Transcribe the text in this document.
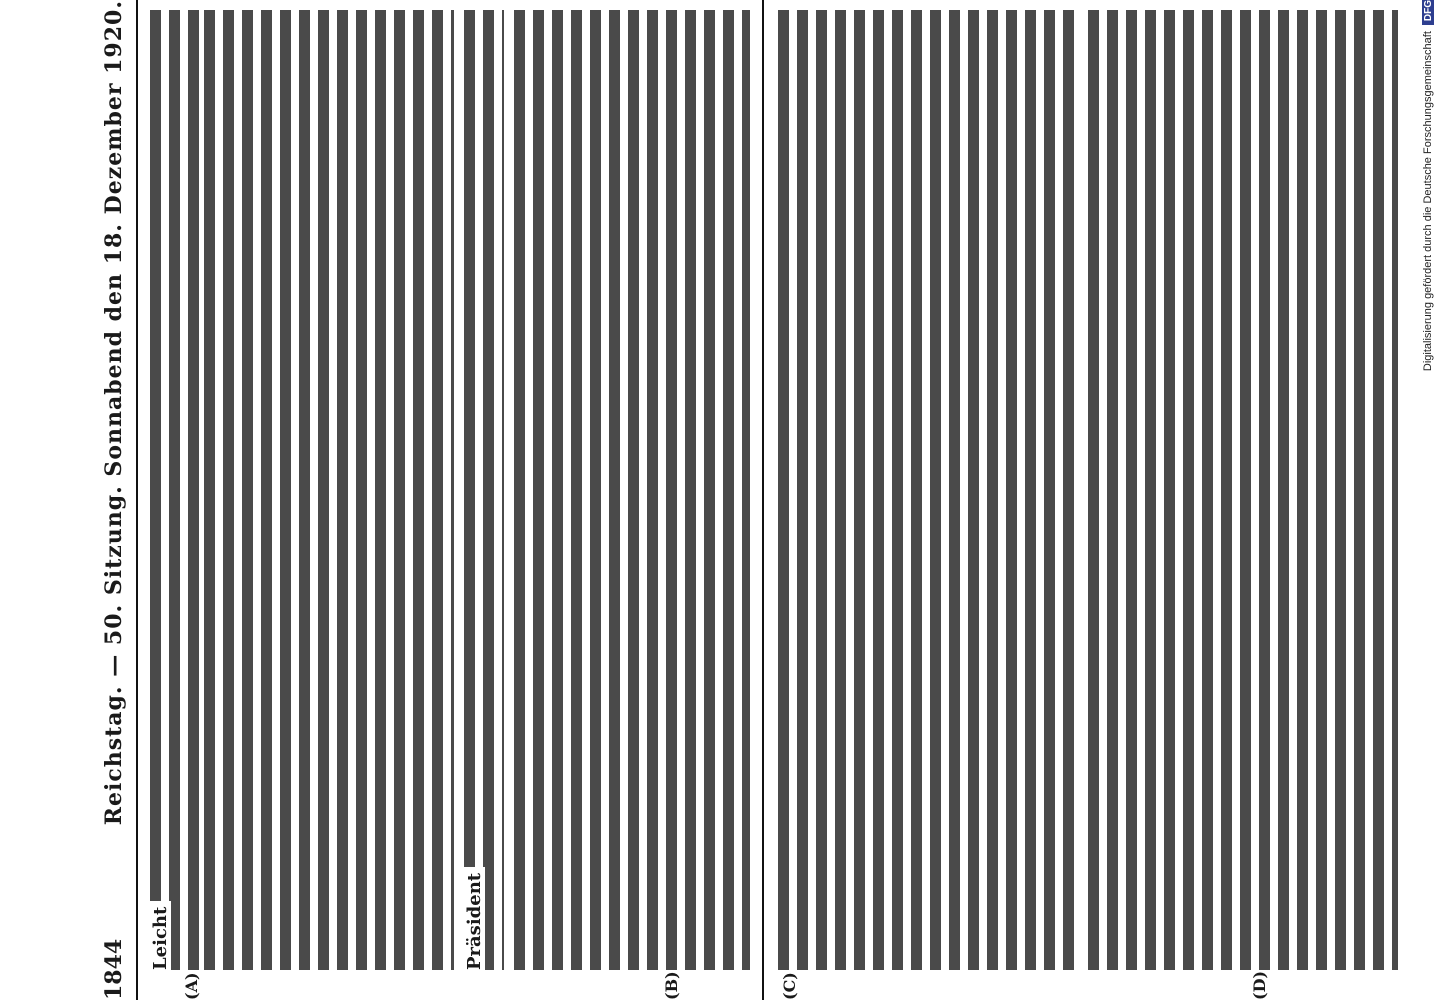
1844
Reichstag. — 50. Sitzung. Sonnabend den 18. Dezember 1920.
(A)	(B)
Leicht	Präsident
(C)	(D)
Digitalisierung gefördert durch die Deutsche Forschungsgemeinschaft
DFG
